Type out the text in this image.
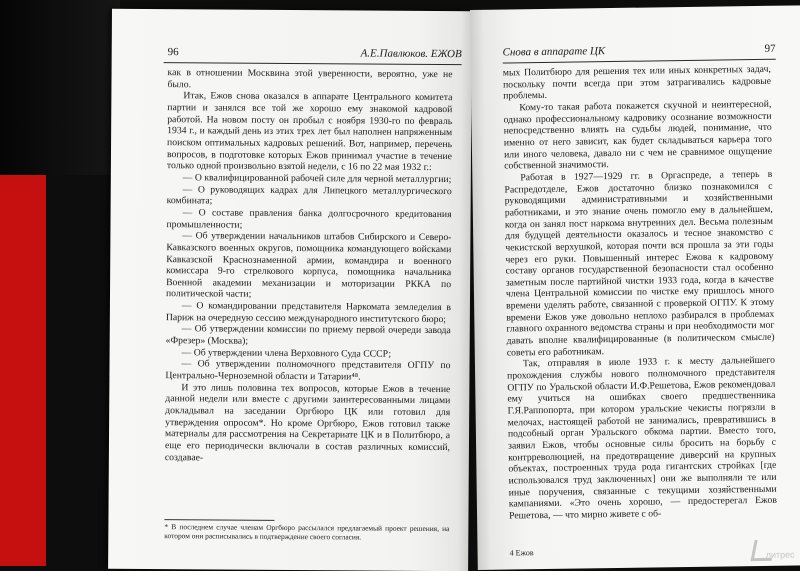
96	А.Е.Павлюков. ЕЖОВ

как в отношении Москвина этой уверенности, вероятно, уже не было.

Итак, Ежов снова оказался в аппарате Центрального комитета партии и занялся все той же хорошо ему знакомой кадровой работой. На новом посту он пробыл с ноября 1930-го по февраль 1934 г., и каждый день из этих трех лет был наполнен напряженным поиском оптимальных кадровых решений. Вот, например, перечень вопросов, в подготовке которых Ежов принимал участие в течение только одной произвольно взятой недели, с 16 по 22 мая 1932 г.:

— О квалифицированной рабочей силе для черной металлургии;

— О руководящих кадрах для Липецкого металлургического комбината;

— О составе правления банка долгосрочного кредитования промышленности;

— Об утверждении начальников штабов Сибирского и Северо-Кавказского военных округов, помощника командующего войсками Кавказской Краснознаменной армии, командира и военного комиссара 9-го стрелкового корпуса, помощника начальника Военной академии механизации и моторизации РККА по политической части;

— О командировании представителя Наркомата земледелия в Париж на очередную сессию международного институтского бюро;

— Об утверждении комиссии по приему первой очереди завода «Фрезер» (Москва);

— Об утверждении члена Верховного Суда СССР;

— Об утверждении полномочного представителя ОГПУ по Центрально-Черноземной области и Татарии⁴⁸.

И это лишь половина тех вопросов, которые Ежов в течение данной недели или вместе с другими заинтересованными лицами докладывал на заседании Оргбюро ЦК или готовил для утверждения опросом*. Но кроме Оргбюро, Ежов готовил также материалы для рассмотрения на Секретариате ЦК и в Политбюро, а еще его периодически включали в состав различных комиссий, создавае-

* В последнем случае членам Оргбюро рассылался предлагаемый проект решения, на котором они расписывались в подтверждение своего согласия.
Снова в аппарате ЦК	97

мых Политбюро для решения тех или иных конкретных задач, поскольку почти всегда при этом затрагивались кадровые проблемы.

Кому-то такая работа покажется скучной и неинтересной, однако профессиональному кадровику осознание возможности непосредственно влиять на судьбы людей, понимание, что именно от него зависит, как будет складываться карьера того или иного человека, давало ни с чем не сравнимое ощущение собственной значимости.

Работая в 1927—1929 гг. в Оргаспреде, а теперь в Распредотделе, Ежов достаточно близко познакомился с руководящими административными и хозяйственными работниками, и это знание очень помогло ему в дальнейшем, когда он занял пост наркома внутренних дел. Весьма полезным для будущей деятельности оказалось и тесное знакомство с чекистской верхушкой, которая почти вся прошла за эти годы через его руки. Повышенный интерес Ежова к кадровому составу органов государственной безопасности стал особенно заметным после партийной чистки 1933 года, когда в качестве члена Центральной комиссии по чистке ему пришлось много времени уделять работе, связанной с проверкой ОГПУ. К этому времени Ежов уже довольно неплохо разбирался в проблемах главного охранного ведомства страны и при необходимости мог давать вполне квалифицированные (в политическом смысле) советы его работникам.

Так, отправляя в июле 1933 г. к месту дальнейшего прохождения службы нового полномочного представителя ОГПУ по Уральской области И.Ф.Решетова, Ежов рекомендовал ему учиться на ошибках своего предшественника Г.Я.Раппопорта, при котором уральские чекисты погрязли в мелочах, настоящей работой не занимались, превратившись в подсобный орган Уральского обкома партии. Вместо того, заявил Ежов, чтобы основные силы бросить на борьбу с контрреволюцией, на предотвращение диверсий на крупных объектах, построенных труда рода гигантских стройках [где использовался труд заключенных] они же выполняли те или иные поручения, связанные с текущими хозяйственными кампаниями. «Это очень хорошо, — предостерегал Ежов Решетова, — что мирно живете с об-

4 Ежов	литрес
